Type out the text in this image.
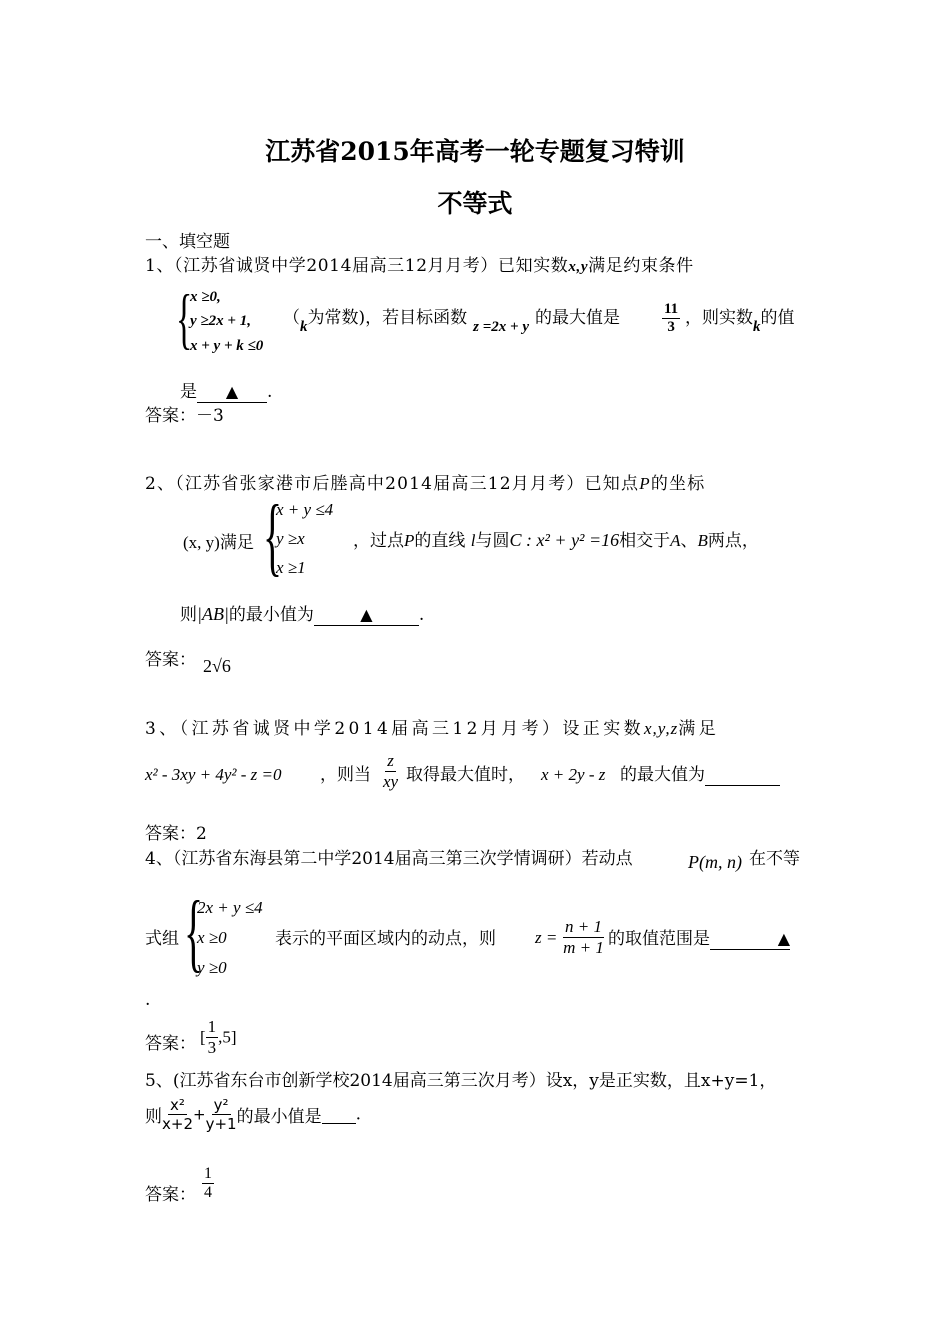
江苏省2015年高考一轮专题复习特训
不等式
一、填空题
1、（江苏省诚贤中学2014届高三12月月考）已知实数x,y满足约束条件
{
x ≥0,
y ≥2x + 1,
x + y + k ≤0
（k为常数)，若目标函数 z =2x + y 的最大值是	$\frac{11}{3}$ ，则实数k的值
是 ▲ .
答案：－3
2、（江苏省张家港市后塍高中2014届高三12月月考）已知点P的坐标
(x, y)满足 {
x + y ≤4
y ≥x
x ≥1
，过点P的直线 l与圆C : x² + y² =16相交于A、B两点，
则|AB|的最小值为	▲	.
答案： 2√6
3、（江苏省诚贤中学2014届高三12月月考）设正实数x,y,z满足
x² - 3xy + 4y² - z =0 ，则当 $\frac{z}{xy}$ 取得最大值时， x + 2y - z 的最大值为
答案：2
4、（江苏省东海县第二中学2014届高三第三次学情调研）若动点	P(m, n) 在不等
式组 {
2x + y ≤4
x ≥0
y ≥0
表示的平面区域内的动点，则 $z = \frac{n + 1}{m + 1}$ 的取值范围是	▲
.
答案： [ $\frac{1}{3} ,5$]
5、(江苏省东台市创新学校2014届高三第三次月考）设x，y是正实数，且x+y=1，
则 $\frac{\text{x²}}{x+2} + \frac{\text{y²}}{y+1}$ 的最小值是 .
答案： $\frac{1}{4}$
